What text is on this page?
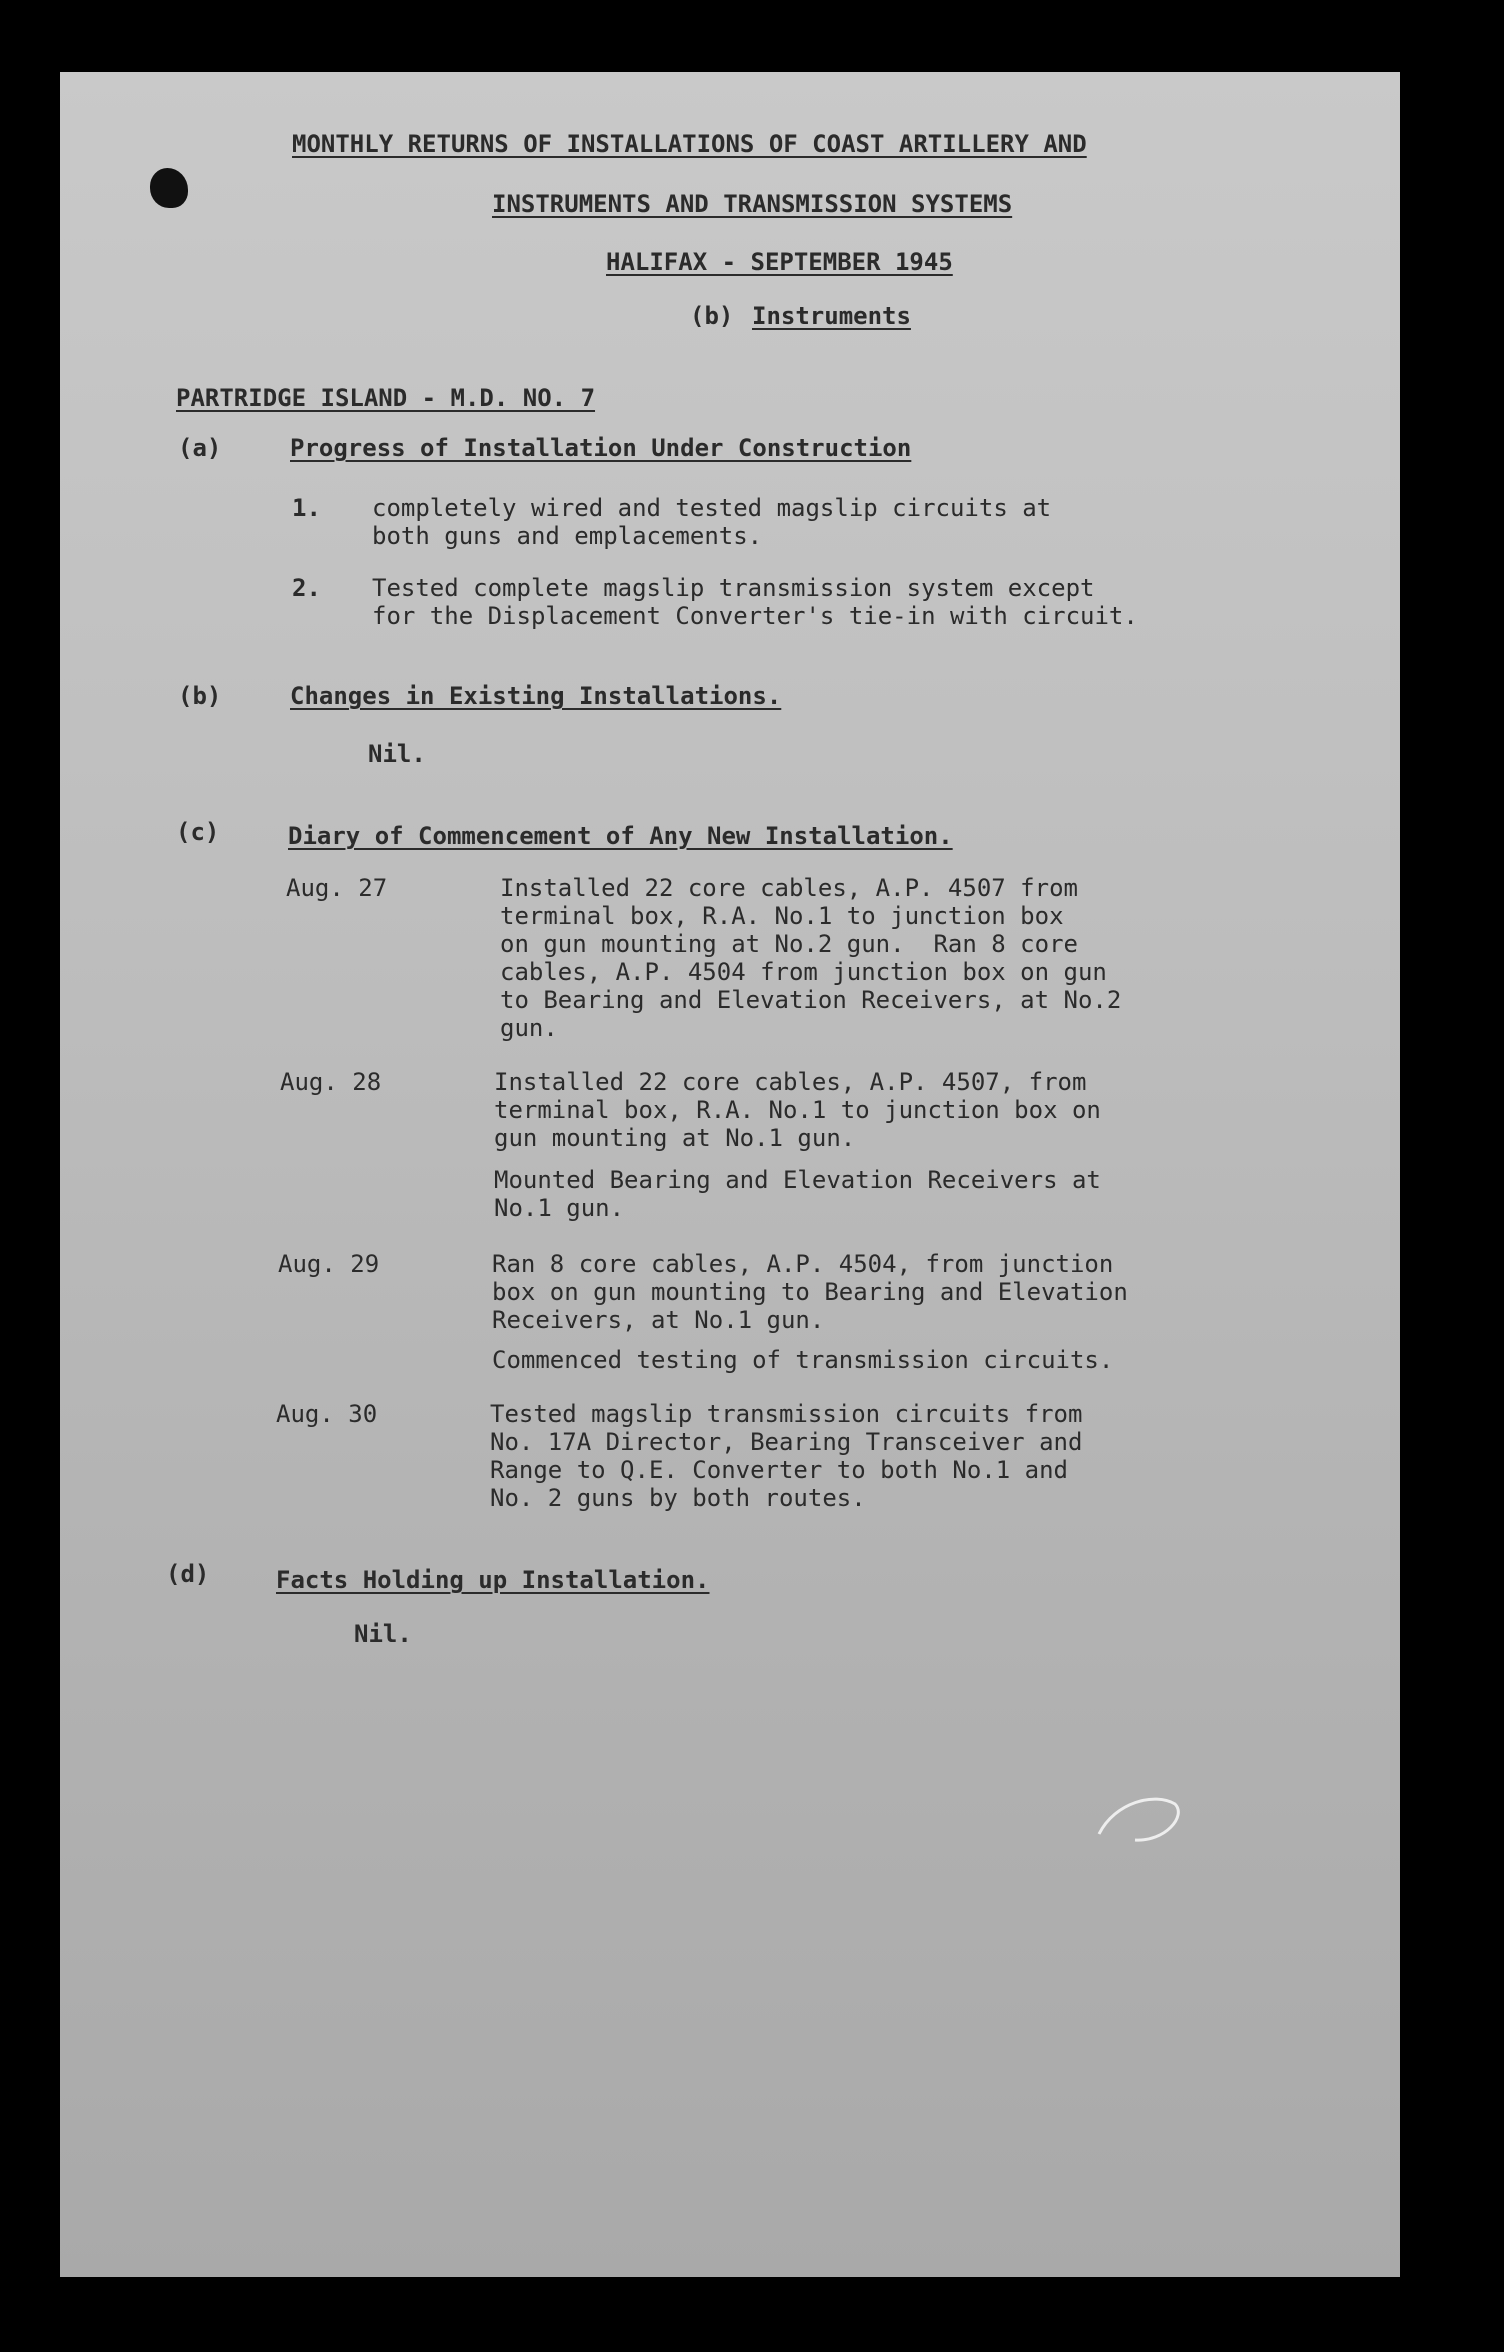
MONTHLY RETURNS OF INSTALLATIONS OF COAST ARTILLERY AND
INSTRUMENTS AND TRANSMISSION SYSTEMS
HALIFAX - SEPTEMBER 1945
(b) Instruments
PARTRIDGE ISLAND - M.D. NO. 7
(a)	Progress of Installation Under Construction
1. completely wired and tested magslip circuits at
both guns and emplacements.
2. Tested complete magslip transmission system except
for the Displacement Converter's tie-in with circuit.
(b)	Changes in Existing Installations.
Nil.
(c)	Diary of Commencement of Any New Installation.
Aug. 27	Installed 22 core cables, A.P. 4507 from
terminal box, R.A. No.1 to junction box
on gun mounting at No.2 gun.  Ran 8 core
cables, A.P. 4504 from junction box on gun
to Bearing and Elevation Receivers, at No.2
gun.
Aug. 28	Installed 22 core cables, A.P. 4507, from
terminal box, R.A. No.1 to junction box on
gun mounting at No.1 gun.
Mounted Bearing and Elevation Receivers at
No.1 gun.
Aug. 29	Ran 8 core cables, A.P. 4504, from junction
box on gun mounting to Bearing and Elevation
Receivers, at No.1 gun.
Commenced testing of transmission circuits.
Aug. 30	Tested magslip transmission circuits from
No. 17A Director, Bearing Transceiver and
Range to Q.E. Converter to both No.1 and
No. 2 guns by both routes.
(d)	Facts Holding up Installation.
Nil.
